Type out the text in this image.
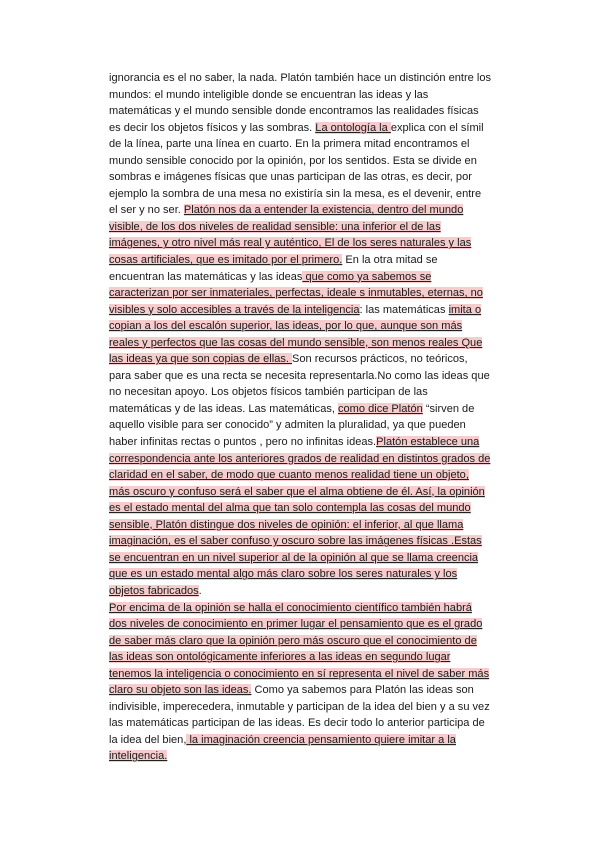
ignorancia es el no saber, la nada. Platón también hace un distinción entre los
mundos: el mundo inteligible donde se encuentran las ideas y las
matemáticas y el mundo sensible donde encontramos las realidades físicas
es decir los objetos físicos y las sombras. La ontología la explica con el símil
de la línea, parte una línea en cuarto. En la primera mitad encontramos el
mundo sensible conocido por la opinión, por los sentidos. Esta se divide en
sombras e imágenes físicas que unas participan de las otras, es decir, por
ejemplo la sombra de una mesa no existiría sin la mesa, es el devenir, entre
el ser y no ser. Platón nos da a entender la existencia, dentro del mundo
visible, de los dos niveles de realidad sensible: una inferior el de las
imágenes, y otro nivel más real y auténtico, El de los seres naturales y las
cosas artificiales, que es imitado por el primero. En la otra mitad se
encuentran las matemáticas y las ideas que como ya sabemos se
caracterizan por ser inmateriales, perfectas, ideale s inmutables, eternas, no
visibles y solo accesibles a través de la inteligencia: las matemáticas imita o
copian a los del escalón superior, las ideas, por lo que, aunque son más
reales y perfectos que las cosas del mundo sensible, son menos reales Que
las ideas ya que son copias de ellas. Son recursos prácticos, no teóricos,
para saber que es una recta se necesita representarla.No como las ideas que
no necesitan apoyo. Los objetos físicos también participan de las
matemáticas y de las ideas. Las matemáticas, como dice Platón “sirven de
aquello visible para ser conocido” y admiten la pluralidad, ya que pueden
haber infinitas rectas o puntos , pero no infinitas ideas.Platón establece una
correspondencia ante los anteriores grados de realidad en distintos grados de
claridad en el saber, de modo que cuanto menos realidad tiene un objeto,
más oscuro y confuso será el saber que el alma obtiene de él. Así, la opinión
es el estado mental del alma que tan solo contempla las cosas del mundo
sensible, Platón distingue dos niveles de opinión: el inferior, al que llama
imaginación, es el saber confuso y oscuro sobre las imágenes físicas .Estas
se encuentran en un nivel superior al de la opinión al que se llama creencia
que es un estado mental algo más claro sobre los seres naturales y los
objetos fabricados.
Por encima de la opinión se halla el conocimiento científico también habrá
dos niveles de conocimiento en primer lugar el pensamiento que es el grado
de saber más claro que la opinión pero más oscuro que el conocimiento de
las ideas son ontológicamente inferiores a las ideas en segundo lugar
tenemos la inteligencia o conocimiento en sí representa el nivel de saber más
claro su objeto son las ideas. Como ya sabemos para Platón las ideas son
indivisible, imperecedera, inmutable y participan de la idea del bien y a su vez
las matemáticas participan de las ideas. Es decir todo lo anterior participa de
la idea del bien, la imaginación creencia pensamiento quiere imitar a la
inteligencia.
